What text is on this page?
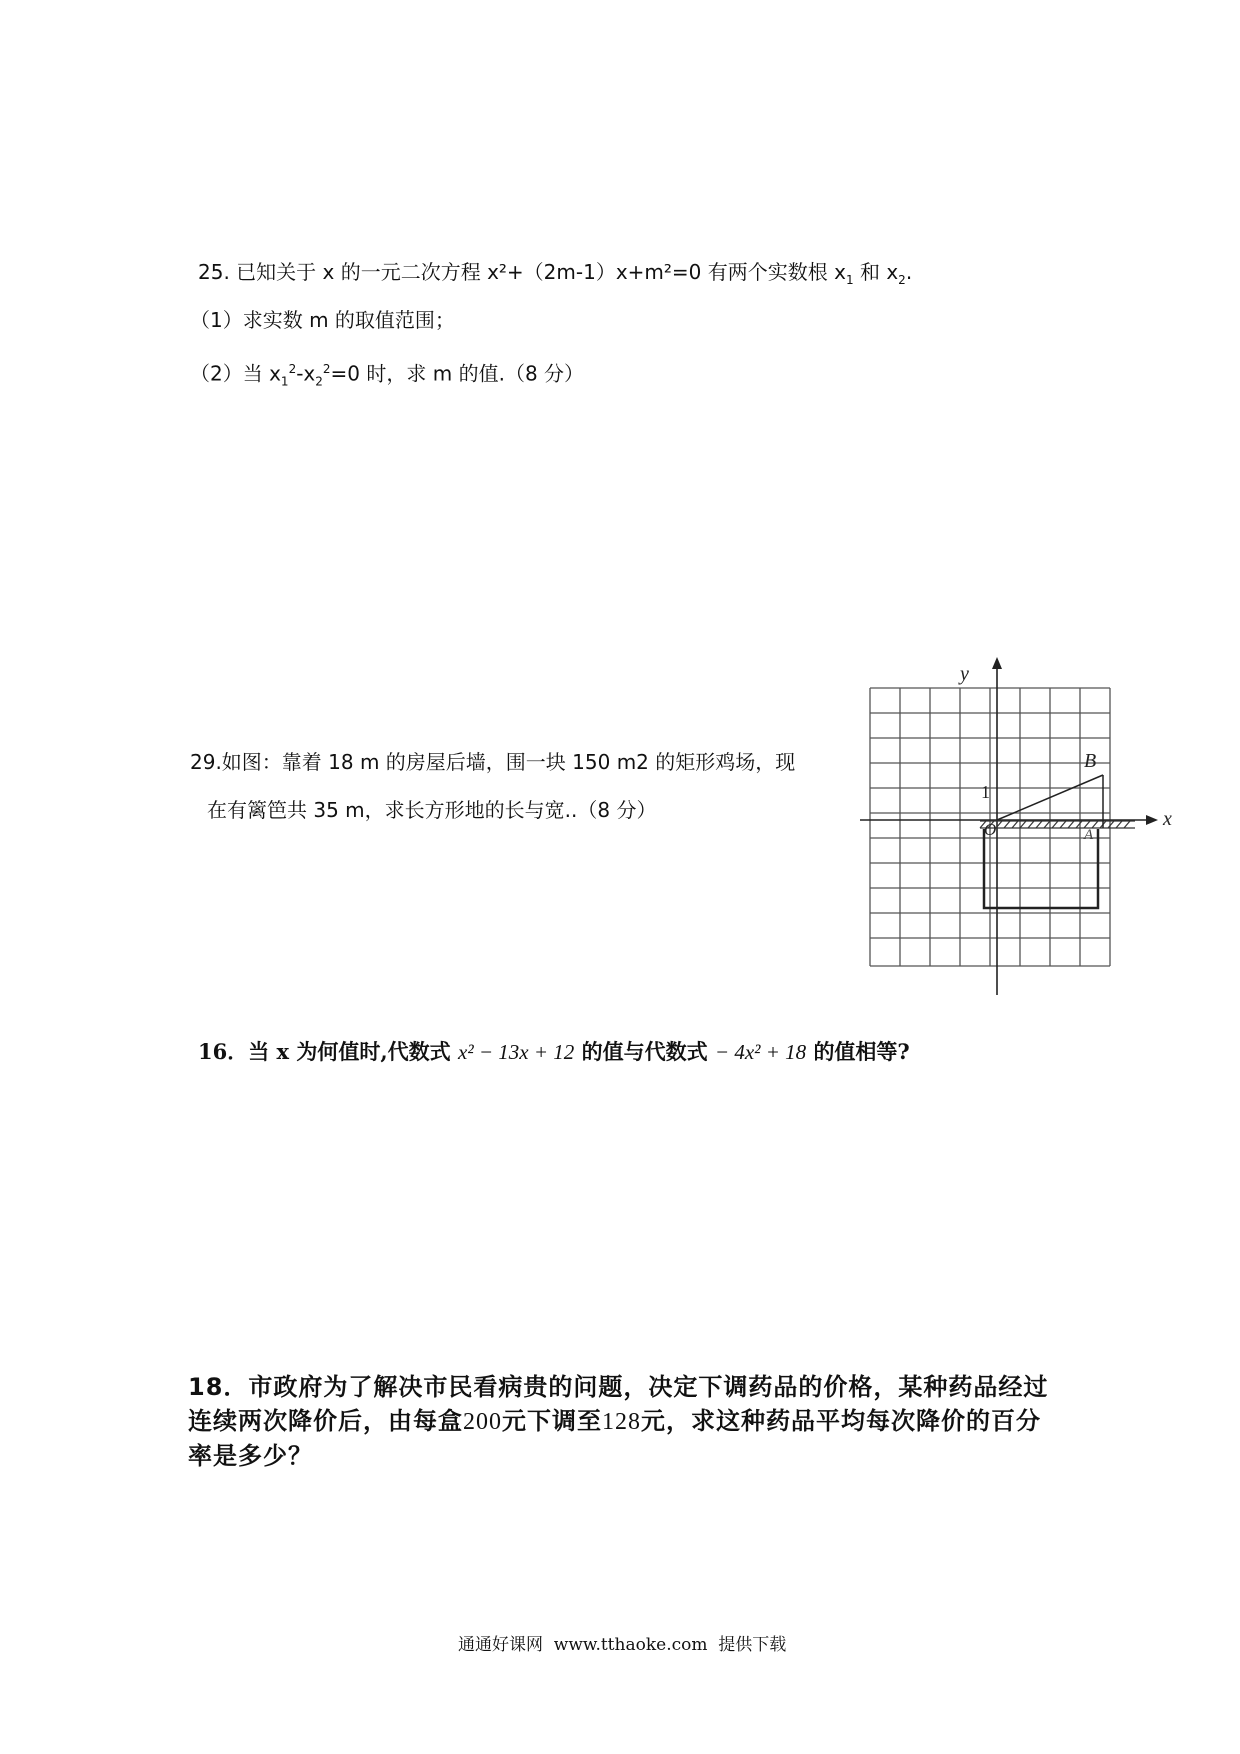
25. 已知关于 x 的一元二次方程 x²+（2m-1）x+m²=0 有两个实数根 $x_1$ 和 $x_2$.
（1）求实数 m 的取值范围；
（2）当 $x_1^2-x_2^2=0$ 时，求 m 的值.（8 分）
29.如图：靠着 18 m 的房屋后墙，围一块 150 m2 的矩形鸡场，现
在有篱笆共 35 m，求长方形地的长与宽..（8 分）
y
x
B
1
O	A
16．当 x 为何值时,代数式 x² − 13x + 12 的值与代数式 − 4x² + 18 的值相等?
18．市政府为了解决市民看病贵的问题，决定下调药品的价格，某种药品经过
连续两次降价后，由每盒200元下调至128元，求这种药品平均每次降价的百分
率是多少？
通通好课网  www.tthaoke.com  提供下载
